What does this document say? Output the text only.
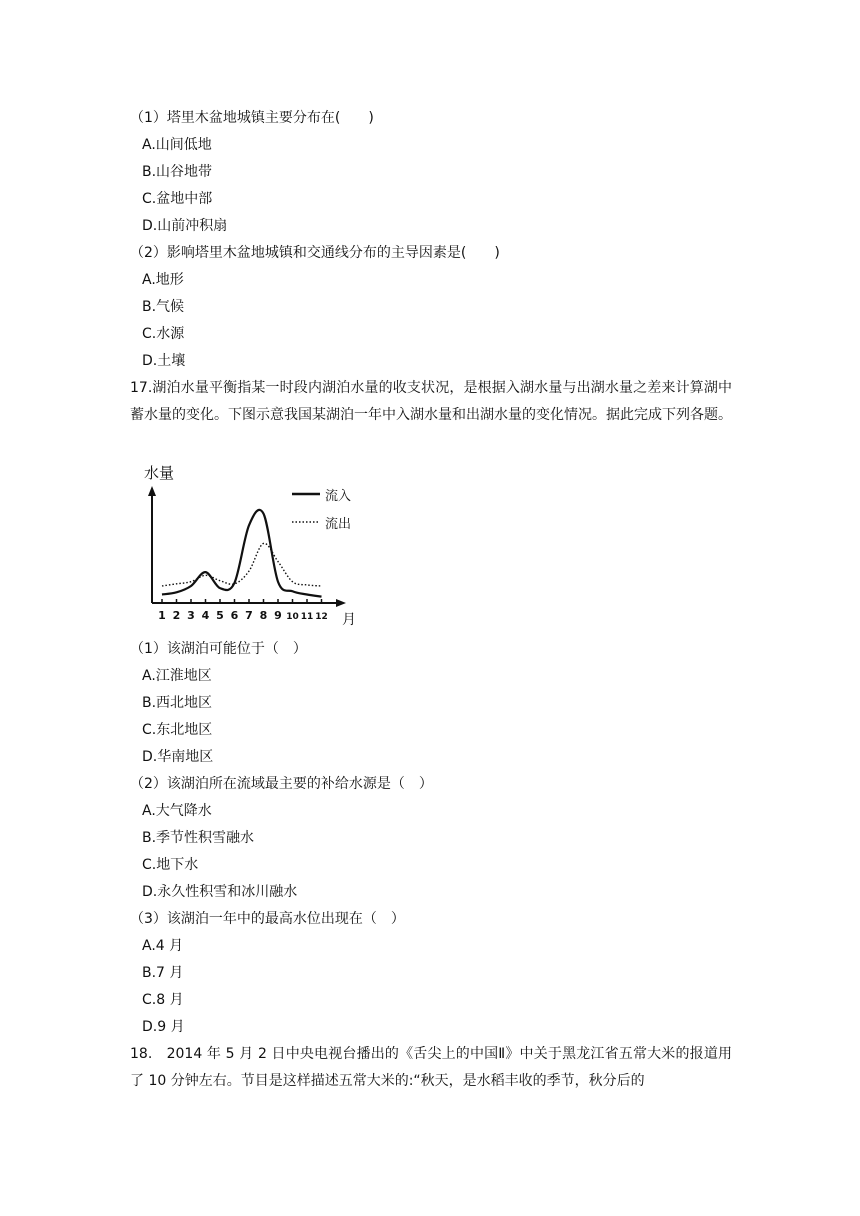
（1）塔里木盆地城镇主要分布在(　　)
A.山间低地
B.山谷地带
C.盆地中部
D.山前冲积扇
（2）影响塔里木盆地城镇和交通线分布的主导因素是(　　)
A.地形
B.气候
C.水源
D.土壤
17.湖泊水量平衡指某一时段内湖泊水量的收支状况，是根据入湖水量与出湖水量之差来计算湖中蓄水量的变化。下图示意我国某湖泊一年中入湖水量和出湖水量的变化情况。据此完成下列各题。
水量
月
1 2 3 4 5 6 7 8 9 10 11 12
流入
流出
（1）该湖泊可能位于（　）
A.江淮地区
B.西北地区
C.东北地区
D.华南地区
（2）该湖泊所在流域最主要的补给水源是（　）
A.大气降水
B.季节性积雪融水
C.地下水
D.永久性积雪和冰川融水
（3）该湖泊一年中的最高水位出现在（　）
A.4 月
B.7 月
C.8 月
D.9 月
18.　2014 年 5 月 2 日中央电视台播出的《舌尖上的中国Ⅱ》中关于黑龙江省五常大米的报道用了 10 分钟左右。节目是这样描述五常大米的:“秋天，是水稻丰收的季节，秋分后的
